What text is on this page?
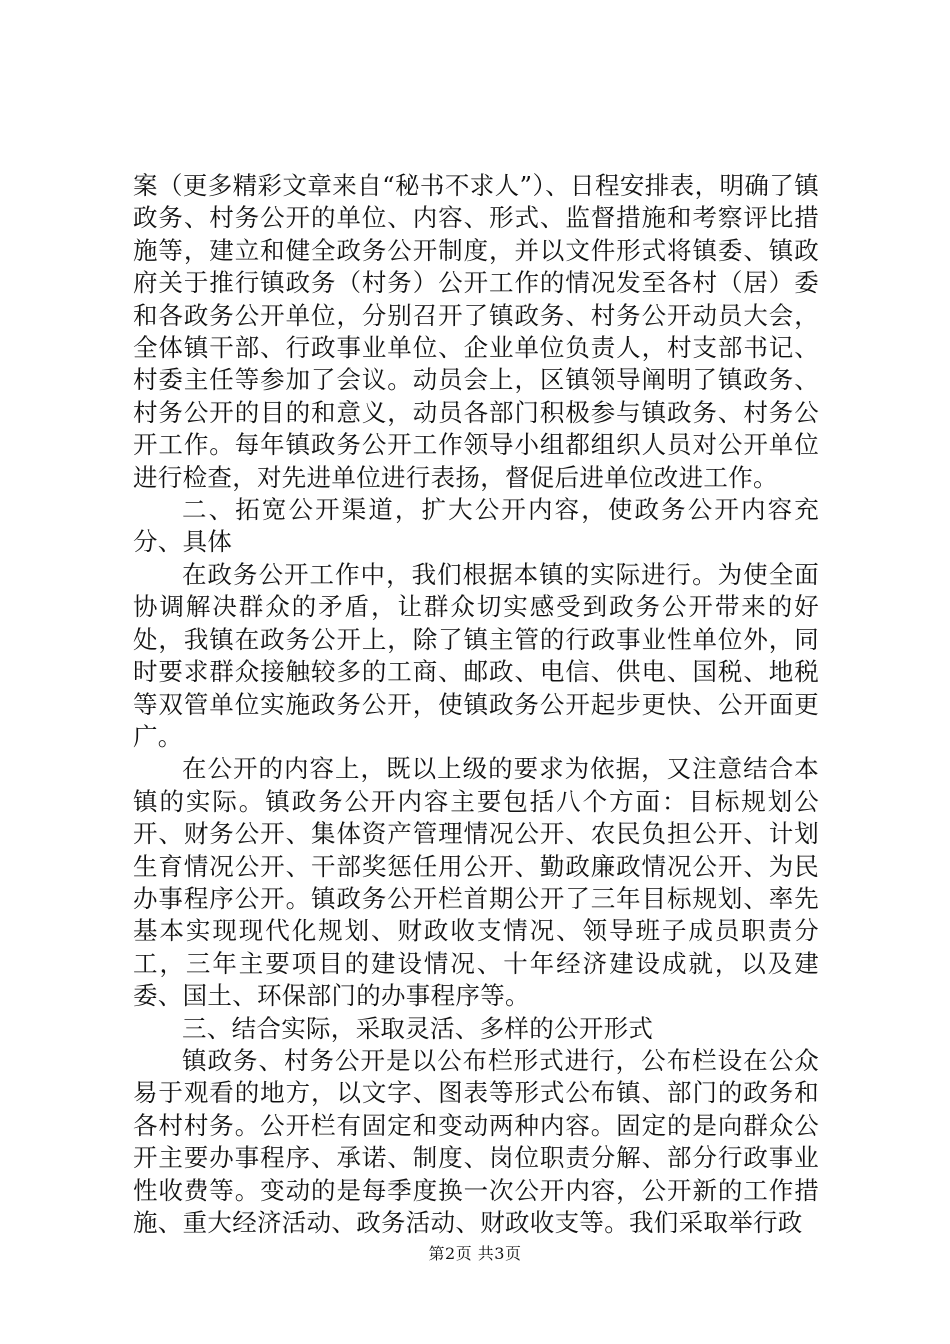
案（更多精彩文章来自“秘书不求人”）、日程安排表，明确了镇政务、村务公开的单位、内容、形式、监督措施和考察评比措施等，建立和健全政务公开制度，并以文件形式将镇委、镇政府关于推行镇政务（村务）公开工作的情况发至各村（居）委和各政务公开单位，分别召开了镇政务、村务公开动员大会，全体镇干部、行政事业单位、企业单位负责人，村支部书记、村委主任等参加了会议。动员会上，区镇领导阐明了镇政务、村务公开的目的和意义，动员各部门积极参与镇政务、村务公开工作。每年镇政务公开工作领导小组都组织人员对公开单位进行检查，对先进单位进行表扬，督促后进单位改进工作。

二、拓宽公开渠道，扩大公开内容，使政务公开内容充分、具体

在政务公开工作中，我们根据本镇的实际进行。为使全面协调解决群众的矛盾，让群众切实感受到政务公开带来的好处，我镇在政务公开上，除了镇主管的行政事业性单位外，同时要求群众接触较多的工商、邮政、电信、供电、国税、地税等双管单位实施政务公开，使镇政务公开起步更快、公开面更广。

在公开的内容上，既以上级的要求为依据，又注意结合本镇的实际。镇政务公开内容主要包括八个方面：目标规划公开、财务公开、集体资产管理情况公开、农民负担公开、计划生育情况公开、干部奖惩任用公开、勤政廉政情况公开、为民办事程序公开。镇政务公开栏首期公开了三年目标规划、率先基本实现现代化规划、财政收支情况、领导班子成员职责分工，三年主要项目的建设情况、十年经济建设成就，以及建委、国土、环保部门的办事程序等。

三、结合实际，采取灵活、多样的公开形式

镇政务、村务公开是以公布栏形式进行，公布栏设在公众易于观看的地方，以文字、图表等形式公布镇、部门的政务和各村村务。公开栏有固定和变动两种内容。固定的是向群众公开主要办事程序、承诺、制度、岗位职责分解、部分行政事业性收费等。变动的是每季度换一次公开内容，公开新的工作措施、重大经济活动、政务活动、财政收支等。我们采取举行政

第2页 共3页
